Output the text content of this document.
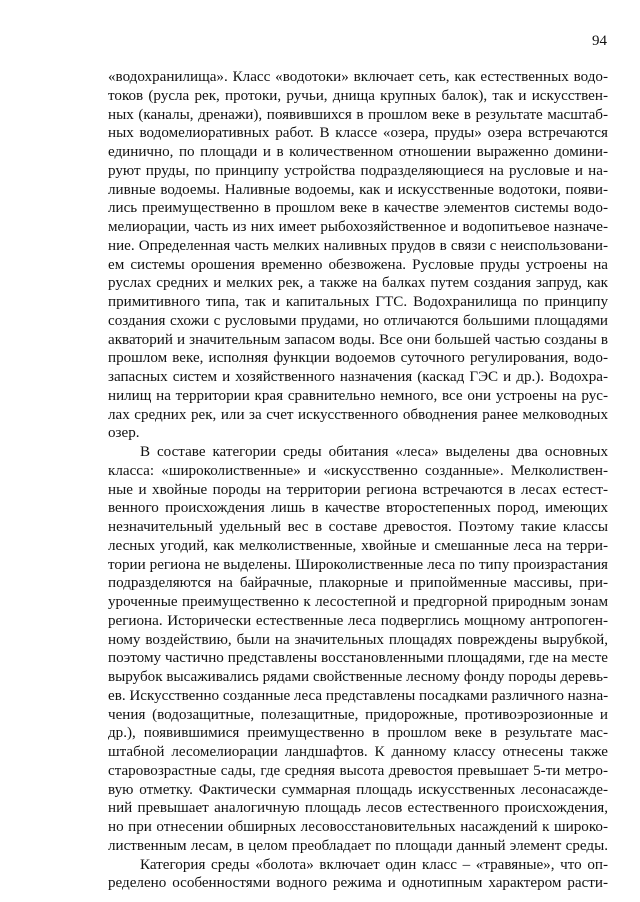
94
«водохранилища». Класс «водотоки» включает сеть, как естественных водо-
токов (русла рек, протоки, ручьи, днища крупных балок), так и искусствен-
ных (каналы, дренажи), появившихся в прошлом веке в результате масштаб-
ных водомелиоративных работ. В классе «озера, пруды» озера встречаются
единично, по площади и в количественном отношении выраженно домини-
руют пруды, по принципу устройства подразделяющиеся на русловые и на-
ливные водоемы. Наливные водоемы, как и искусственные водотоки, появи-
лись преимущественно в прошлом веке в качестве элементов системы водо-
мелиорации, часть из них имеет рыбохозяйственное и водопитьевое назначе-
ние. Определенная часть мелких наливных прудов в связи с неиспользовани-
ем системы орошения временно обезвожена. Русловые пруды устроены на
руслах средних и мелких рек, а также на балках путем создания запруд, как
примитивного типа, так и капитальных ГТС. Водохранилища по принципу
создания схожи с русловыми прудами, но отличаются большими площадями
акваторий и значительным запасом воды. Все они большей частью созданы в
прошлом веке, исполняя функции водоемов суточного регулирования, водо-
запасных систем и хозяйственного назначения (каскад ГЭС и др.). Водохра-
нилищ на территории края сравнительно немного, все они устроены на рус-
лах средних рек, или за счет искусственного обводнения ранее мелководных
озер.
В составе категории среды обитания «леса» выделены два основных
класса: «широколиственные» и «искусственно созданные». Мелколиствен-
ные и хвойные породы на территории региона встречаются в лесах естест-
венного происхождения лишь в качестве второстепенных пород, имеющих
незначительный удельный вес в составе древостоя. Поэтому такие классы
лесных угодий, как мелколиственные, хвойные и смешанные леса на терри-
тории региона не выделены. Широколиственные леса по типу произрастания
подразделяются на байрачные, плакорные и припойменные массивы, при-
уроченные преимущественно к лесостепной и предгорной природным зонам
региона. Исторически естественные леса подверглись мощному антропоген-
ному воздействию, были на значительных площадях повреждены вырубкой,
поэтому частично представлены восстановленными площадями, где на месте
вырубок высаживались рядами свойственные лесному фонду породы деревь-
ев. Искусственно созданные леса представлены посадками различного назна-
чения (водозащитные, полезащитные, придорожные, противоэрозионные и
др.), появившимися преимущественно в прошлом веке в результате мас-
штабной лесомелиорации ландшафтов. К данному классу отнесены также
старовозрастные сады, где средняя высота древостоя превышает 5-ти метро-
вую отметку. Фактически суммарная площадь искусственных лесонасажде-
ний превышает аналогичную площадь лесов естественного происхождения,
но при отнесении обширных лесовосстановительных насаждений к широко-
лиственным лесам, в целом преобладает по площади данный элемент среды.
Категория среды «болота» включает один класс – «травяные», что оп-
ределено особенностями водного режима и однотипным характером расти-
